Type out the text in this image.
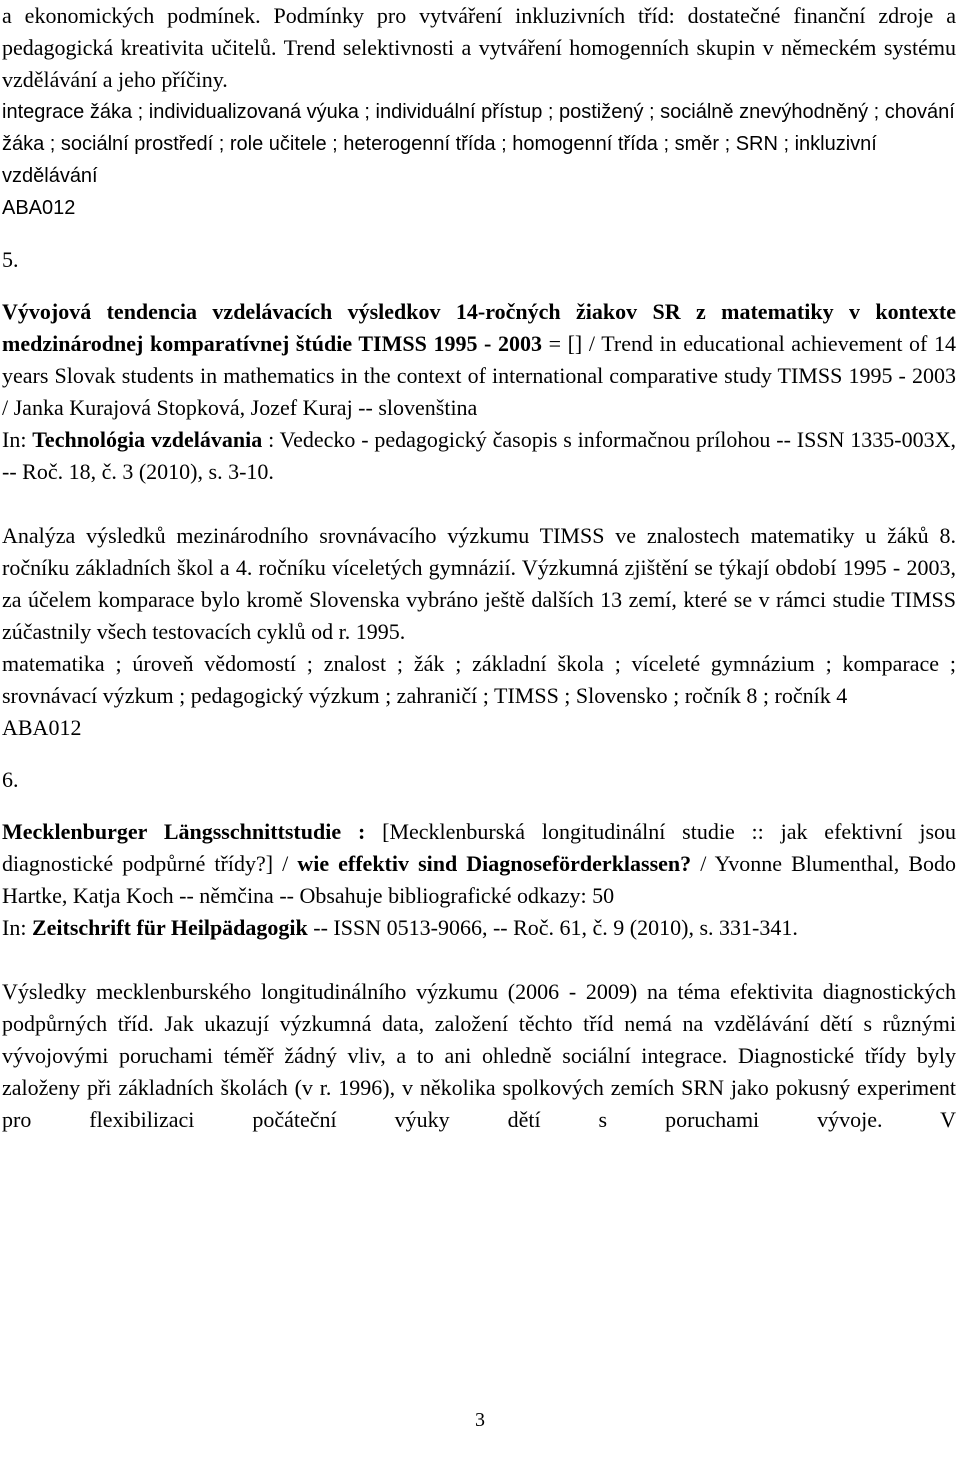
a ekonomických podmínek. Podmínky pro vytváření inkluzivních tříd: dostatečné finanční zdroje a pedagogická kreativita učitelů. Trend selektivnosti a vytváření homogenních skupin v německém systému vzdělávání a jeho příčiny.

integrace žáka ; individualizovaná výuka ; individuální přístup ; postižený ; sociálně znevýhodněný ; chování žáka ; sociální prostředí ; role učitele ; heterogenní třída ; homogenní třída ; směr ; SRN ; inkluzivní vzdělávání

ABA012

5.

Vývojová tendencia vzdelávacích výsledkov 14-ročných žiakov SR z matematiky v kontexte medzinárodnej komparatívnej štúdie TIMSS 1995 - 2003 = [] / Trend in educational achievement of 14 years Slovak students in mathematics in the context of international comparative study TIMSS 1995 - 2003 / Janka Kurajová Stopková, Jozef Kuraj -- slovenština

In: Technológia vzdelávania : Vedecko - pedagogický časopis s informačnou prílohou -- ISSN 1335-003X, -- Roč. 18, č. 3 (2010), s. 3-10.

Analýza výsledků mezinárodního srovnávacího výzkumu TIMSS ve znalostech matematiky u žáků 8. ročníku základních škol a 4. ročníku víceletých gymnázií. Výzkumná zjištění se týkají období 1995 - 2003, za účelem komparace bylo kromě Slovenska vybráno ještě dalších 13 zemí, které se v rámci studie TIMSS zúčastnily všech testovacích cyklů od r. 1995.

matematika ; úroveň vědomostí ; znalost ; žák ; základní škola ; víceleté gymnázium ; komparace ; srovnávací výzkum ; pedagogický výzkum ; zahraničí ; TIMSS ; Slovensko ; ročník 8 ; ročník 4

ABA012

6.

Mecklenburger Längsschnittstudie : [Mecklenburská longitudinální studie :: jak efektivní jsou diagnostické podpůrné třídy?] / wie effektiv sind Diagnoseförderklassen? / Yvonne Blumenthal, Bodo Hartke, Katja Koch -- němčina -- Obsahuje bibliografické odkazy: 50

In: Zeitschrift für Heilpädagogik -- ISSN 0513-9066, -- Roč. 61, č. 9 (2010), s. 331-341.

Výsledky mecklenburského longitudinálního výzkumu (2006 - 2009) na téma efektivita diagnostických podpůrných tříd. Jak ukazují výzkumná data, založení těchto tříd nemá na vzdělávání dětí s různými vývojovými poruchami téměř žádný vliv, a to ani ohledně sociální integrace. Diagnostické třídy byly založeny při základních školách (v r. 1996), v několika spolkových zemích SRN jako pokusný experiment pro flexibilizaci počáteční výuky dětí s poruchami vývoje. V

3
